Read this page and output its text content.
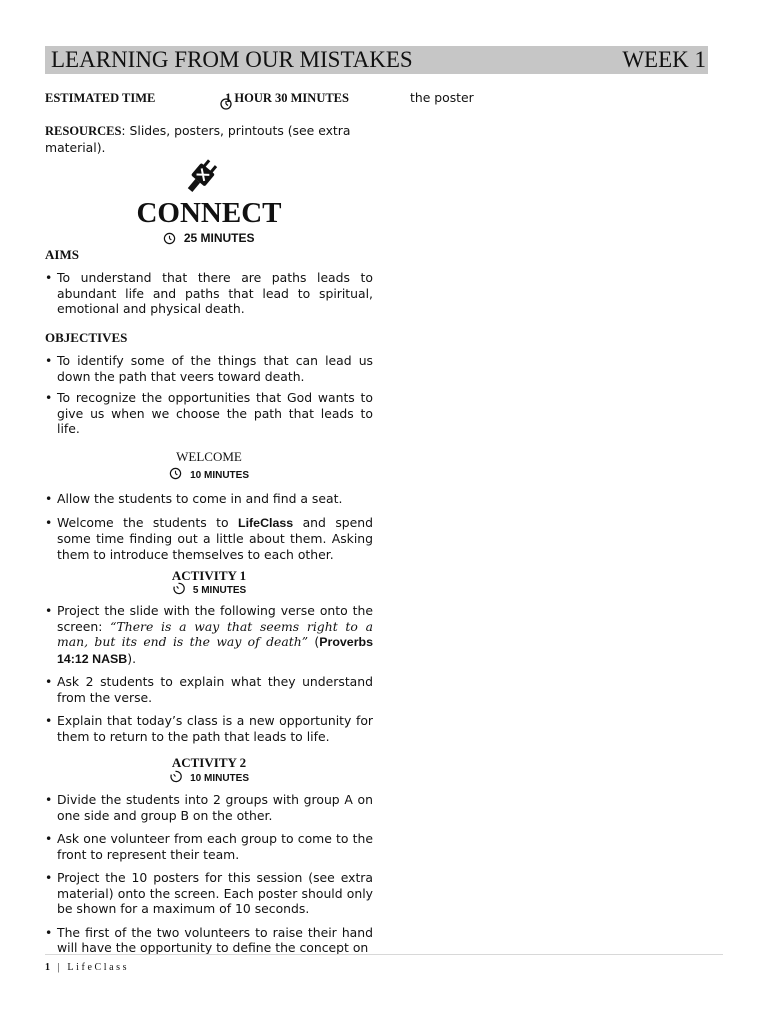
LEARNING FROM OUR MISTAKES	WEEK 1
ESTIMATED TIME	1 HOUR 30 MINUTES	the poster

RESOURCES: Slides, posters, printouts (see extra material).

CONNECT
25 MINUTES
AIMS
• To understand that there are paths leads to abundant life and paths that lead to spiritual, emotional and physical death.
OBJECTIVES
• To identify some of the things that can lead us down the path that veers toward death.
• To recognize the opportunities that God wants to give us when we choose the path that leads to life.
WELCOME
10 MINUTES
• Allow the students to come in and find a seat.
• Welcome the students to LifeClass and spend some time finding out a little about them. Asking them to introduce themselves to each other.
ACTIVITY 1
5 MINUTES
• Project the slide with the following verse onto the screen: “There is a way that seems right to a man, but its end is the way of death” (Proverbs 14:12 NASB).
• Ask 2 students to explain what they understand from the verse.
• Explain that today’s class is a new opportunity for them to return to the path that leads to life.
ACTIVITY 2
10 MINUTES
• Divide the students into 2 groups with group A on one side and group B on the other.
• Ask one volunteer from each group to come to the front to represent their team.
• Project the 10 posters for this session (see extra material) onto the screen. Each poster should only be shown for a maximum of 10 seconds.
• The first of the two volunteers to raise their hand will have the opportunity to define the concept on
1 | LifeClass
